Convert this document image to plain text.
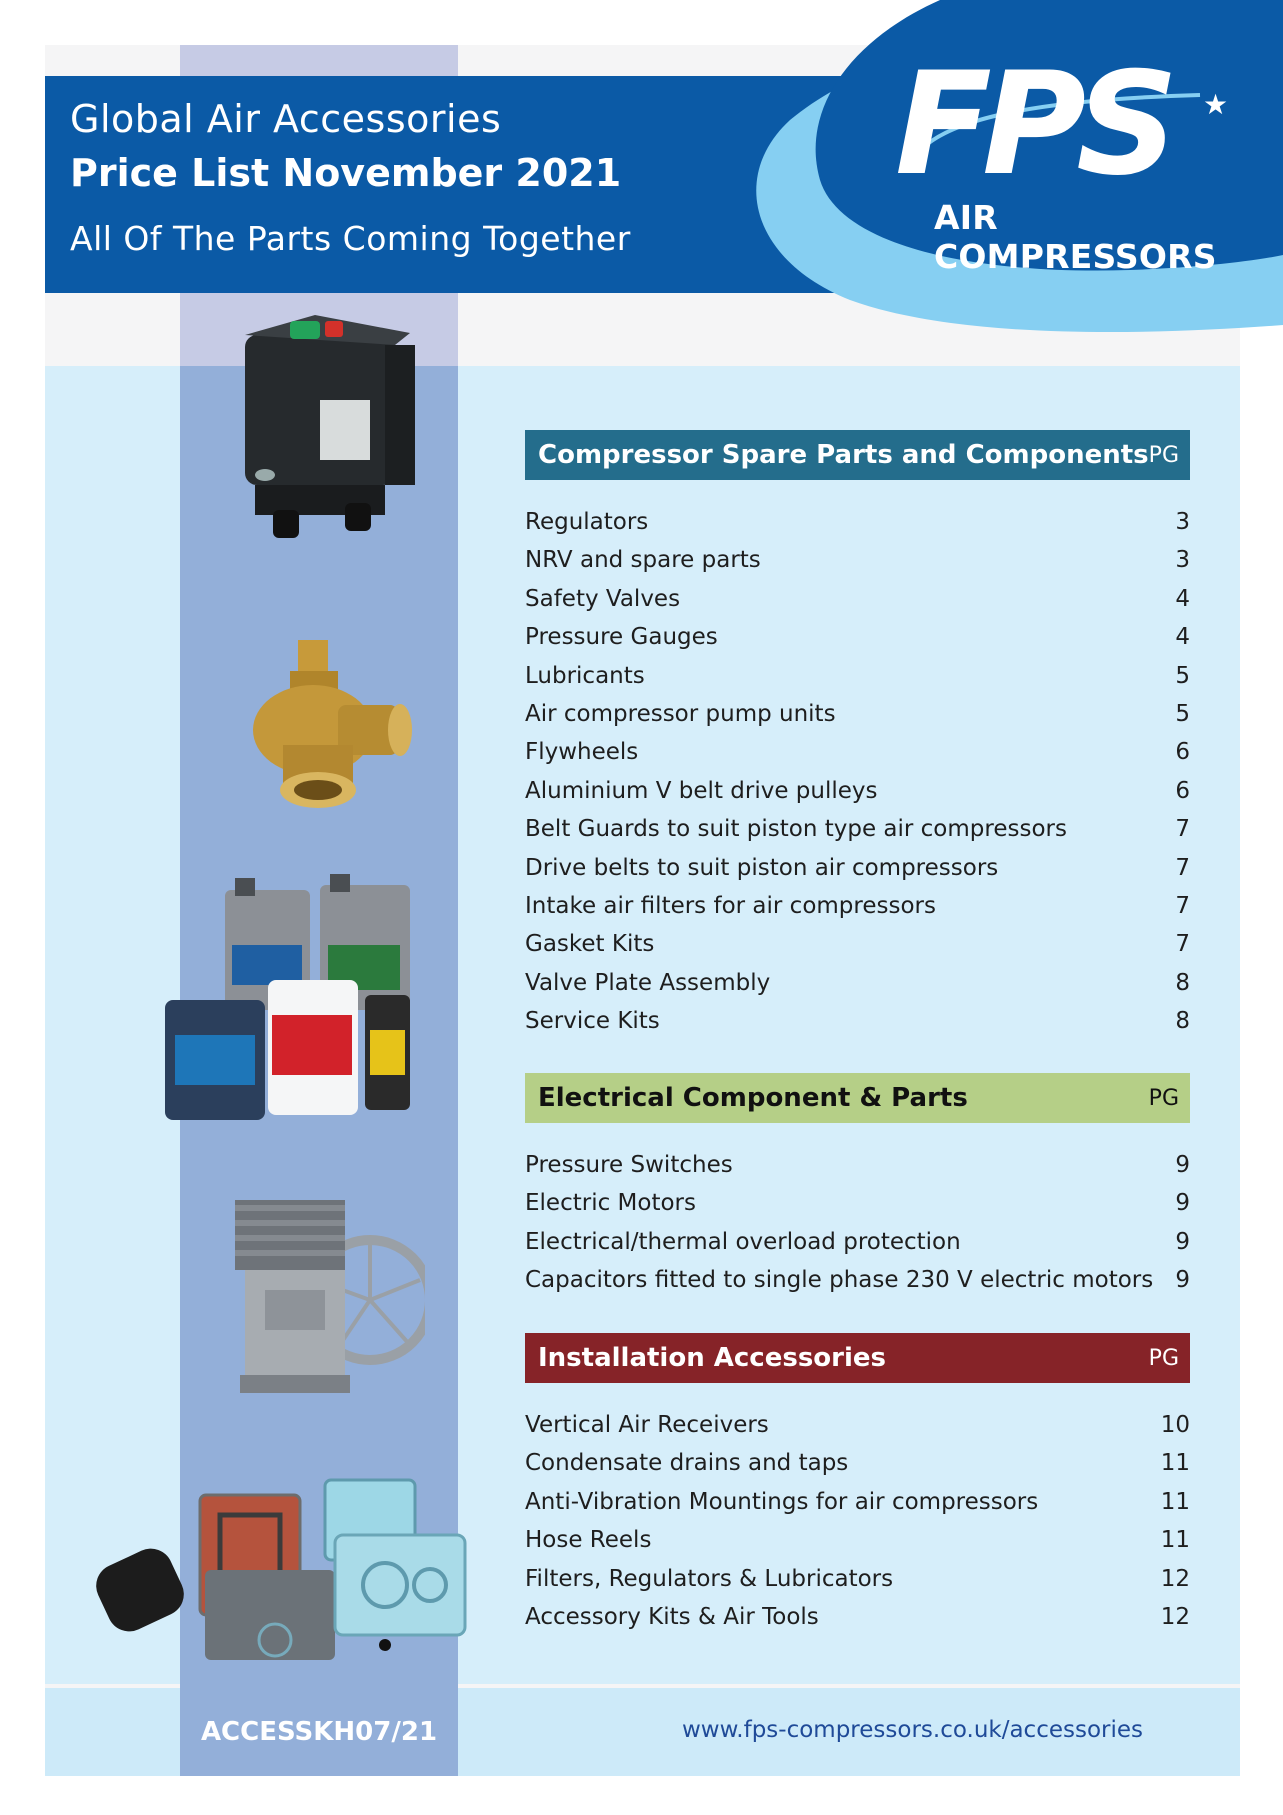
FPS	★
AIR COMPRESSORS
Global Air Accessories
Price List November 2021
All Of The Parts Coming Together
Compressor Spare Parts and Components PG
Regulators	3
NRV and spare parts	3
Safety Valves	4
Pressure Gauges	4
Lubricants	5
Air compressor pump units	5
Flywheels	6
Aluminium V belt drive pulleys	6
Belt Guards to suit piston type air compressors	7
Drive belts to suit piston air compressors	7
Intake air filters for air compressors	7
Gasket Kits	7
Valve Plate Assembly	8
Service Kits	8
Electrical Component & Parts	PG
Pressure Switches	9
Electric Motors	9
Electrical/thermal overload protection	9
Capacitors fitted to single phase 230 V electric motors 9
Installation Accessories	PG
Vertical Air Receivers	10
Condensate drains and taps	11
Anti-Vibration Mountings for air compressors	11
Hose Reels	11
Filters, Regulators & Lubricators	12
Accessory Kits & Air Tools	12
ACCESSKH07/21	www.fps-compressors.co.uk/accessories
